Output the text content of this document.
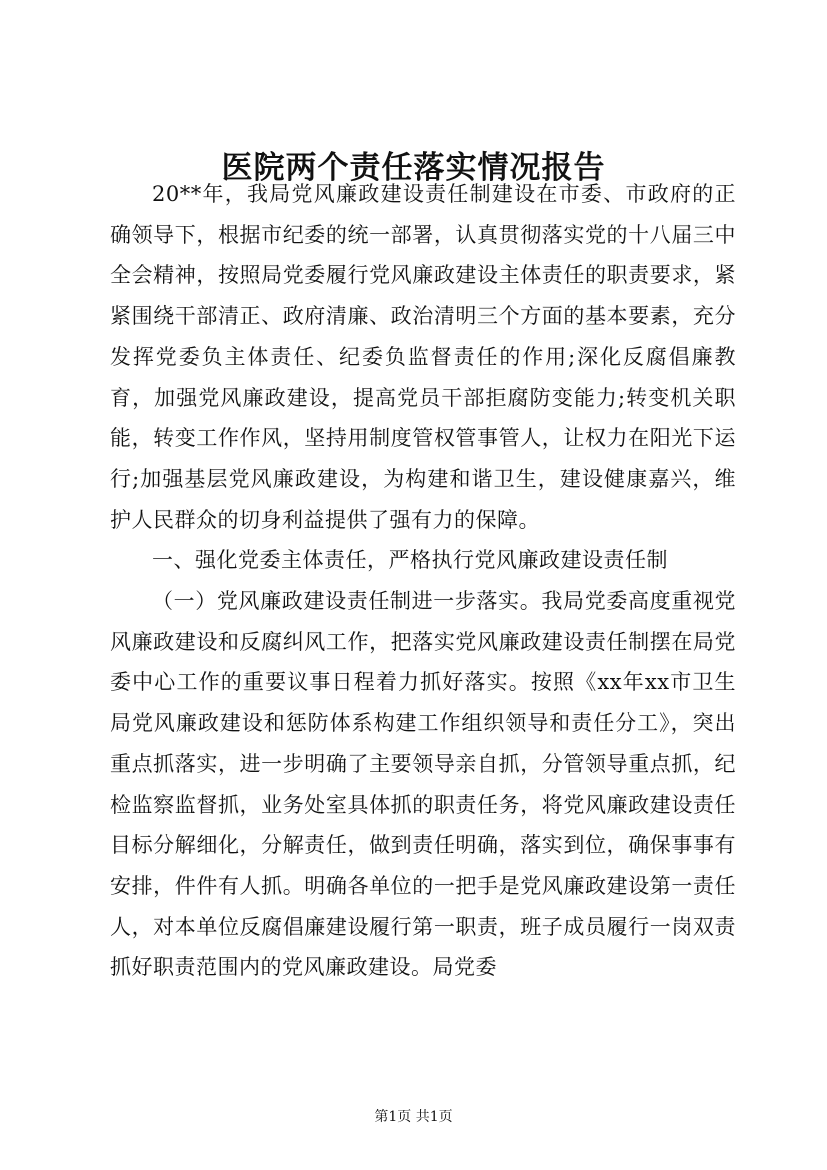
医院两个责任落实情况报告

20**年，我局党风廉政建设责任制建设在市委、市政府的正确领导下，根据市纪委的统一部署，认真贯彻落实党的十八届三中全会精神，按照局党委履行党风廉政建设主体责任的职责要求，紧紧围绕干部清正、政府清廉、政治清明三个方面的基本要素，充分发挥党委负主体责任、纪委负监督责任的作用;深化反腐倡廉教育，加强党风廉政建设，提高党员干部拒腐防变能力;转变机关职能，转变工作作风，坚持用制度管权管事管人，让权力在阳光下运行;加强基层党风廉政建设，为构建和谐卫生，建设健康嘉兴，维护人民群众的切身利益提供了强有力的保障。

一、强化党委主体责任，严格执行党风廉政建设责任制

（一）党风廉政建设责任制进一步落实。我局党委高度重视党风廉政建设和反腐纠风工作，把落实党风廉政建设责任制摆在局党委中心工作的重要议事日程着力抓好落实。按照《xx年xx市卫生局党风廉政建设和惩防体系构建工作组织领导和责任分工》，突出重点抓落实，进一步明确了主要领导亲自抓，分管领导重点抓，纪检监察监督抓，业务处室具体抓的职责任务，将党风廉政建设责任目标分解细化，分解责任，做到责任明确，落实到位，确保事事有安排，件件有人抓。明确各单位的一把手是党风廉政建设第一责任人，对本单位反腐倡廉建设履行第一职责，班子成员履行一岗双责抓好职责范围内的党风廉政建设。局党委

第1页 共1页
